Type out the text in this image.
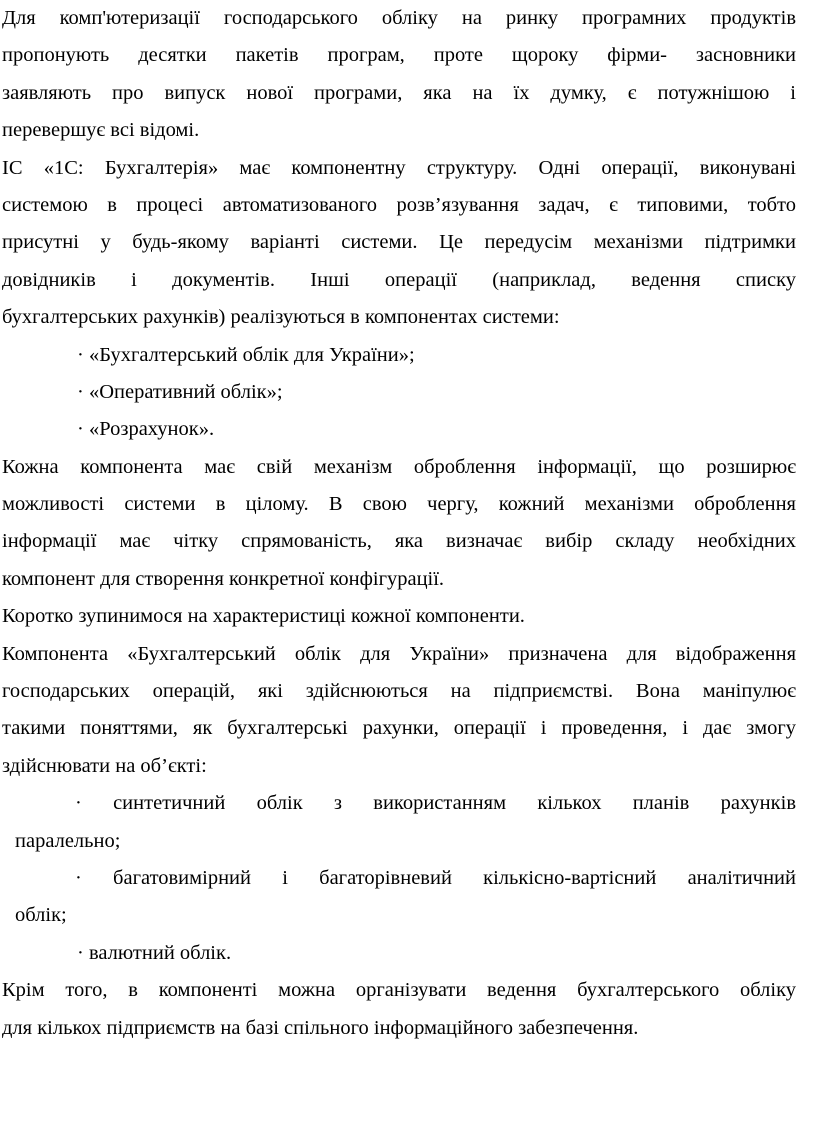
Для комп'ютеризації господарського обліку на ринку програмних продуктів
пропонують десятки пакетів програм, проте щороку фірми- засновники
заявляють про випуск нової програми, яка на їх думку, є потужнішою і
перевершує всі відомі.
ІС «1С: Бухгалтерія» має компонентну структуру. Одні операції, виконувані
системою в процесі автоматизованого розв’язування задач, є типовими, тобто
присутні у будь-якому варіанті системи. Це передусім механізми підтримки
довідників і документів. Інші операції (наприклад, ведення списку
бухгалтерських рахунків) реалізуються в компонентах системи:
· «Бухгалтерський облік для України»;
· «Оперативний облік»;
· «Розрахунок».
Кожна компонента має свій механізм оброблення інформації, що розширює
можливості системи в цілому. В свою чергу, кожний механізми оброблення
інформації має чітку спрямованість, яка визначає вибір складу необхідних
компонент для створення конкретної конфігурації.
Коротко зупинимося на характеристиці кожної компоненти.
Компонента «Бухгалтерський облік для України» призначена для відображення
господарських операцій, які здійснюються на підприємстві. Вона маніпулює
такими поняттями, як бухгалтерські рахунки, операції і проведення, і дає змогу
здійснювати на об’єкті:
· синтетичний облік з використанням кількох планів рахунків
паралельно;
· багатовимірний і багаторівневий кількісно-вартісний аналітичний
облік;
· валютний облік.
Крім того, в компоненті можна організувати ведення бухгалтерського обліку
для кількох підприємств на базі спільного інформаційного забезпечення.
